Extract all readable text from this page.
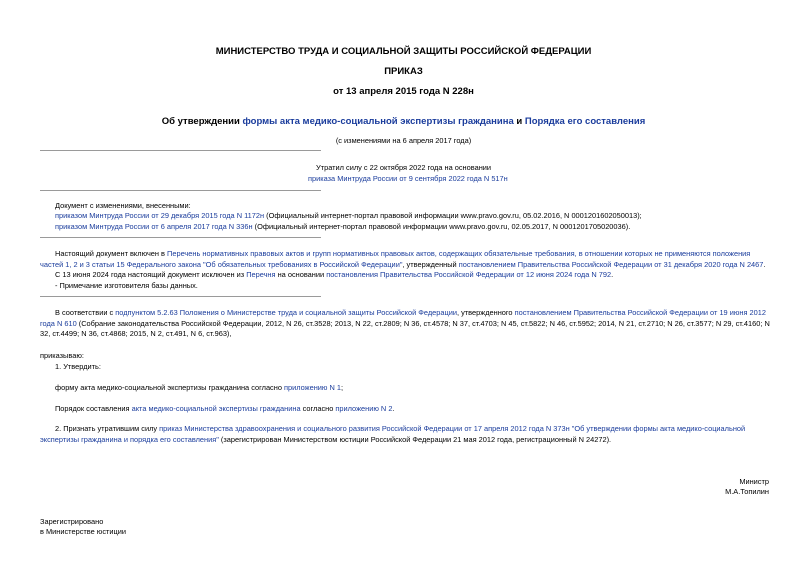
МИНИСТЕРСТВО ТРУДА И СОЦИАЛЬНОЙ ЗАЩИТЫ РОССИЙСКОЙ ФЕДЕРАЦИИ
ПРИКАЗ
от 13 апреля 2015 года N 228н
Об утверждении формы акта медико-социальной экспертизы гражданина и Порядка его составления
(с изменениями на 6 апреля 2017 года)
Утратил силу с 22 октября 2022 года на основании
приказа Минтруда России от 9 сентября 2022 года N 517н
Документ с изменениями, внесенными:
приказом Минтруда России от 29 декабря 2015 года N 1172н (Официальный интернет-портал правовой информации www.pravo.gov.ru, 05.02.2016, N 0001201602050013);
приказом Минтруда России от 6 апреля 2017 года N 336н (Официальный интернет-портал правовой информации www.pravo.gov.ru, 02.05.2017, N 0001201705020036).

Настоящий документ включен в Перечень нормативных правовых актов и групп нормативных правовых актов, содержащих обязательные требования, в отношении которых не применяются положения частей 1, 2 и 3 статьи 15 Федерального закона "Об обязательных требованиях в Российской Федерации", утвержденный постановлением Правительства Российской Федерации от 31 декабря 2020 года N 2467.

С 13 июня 2024 года настоящий документ исключен из Перечня на основании постановления Правительства Российской Федерации от 12 июня 2024 года N 792.
- Примечание изготовителя базы данных.

В соответствии с подпунктом 5.2.63 Положения о Министерстве труда и социальной защиты Российской Федерации, утвержденного постановлением Правительства Российской Федерации от 19 июня 2012 года N 610 (Собрание законодательства Российской Федерации, 2012, N 26, ст.3528; 2013, N 22, ст.2809; N 36, ст.4578; N 37, ст.4703; N 45, ст.5822; N 46, ст.5952; 2014, N 21, ст.2710; N 26, ст.3577; N 29, ст.4160; N 32, ст.4499; N 36, ст.4868; 2015, N 2, ст.491, N 6, ст.963),

приказываю:
1. Утвердить:
форму акта медико-социальной экспертизы гражданина согласно приложению N 1;
Порядок составления акта медико-социальной экспертизы гражданина согласно приложению N 2.

2. Признать утратившим силу приказ Министерства здравоохранения и социального развития Российской Федерации от 17 апреля 2012 года N 373н "Об утверждении формы акта медико-социальной экспертизы гражданина и порядка его составления" (зарегистрирован Министерством юстиции Российской Федерации 21 мая 2012 года, регистрационный N 24272).

Министр
М.А.Топилин
Зарегистрировано
в Министерстве юстиции
